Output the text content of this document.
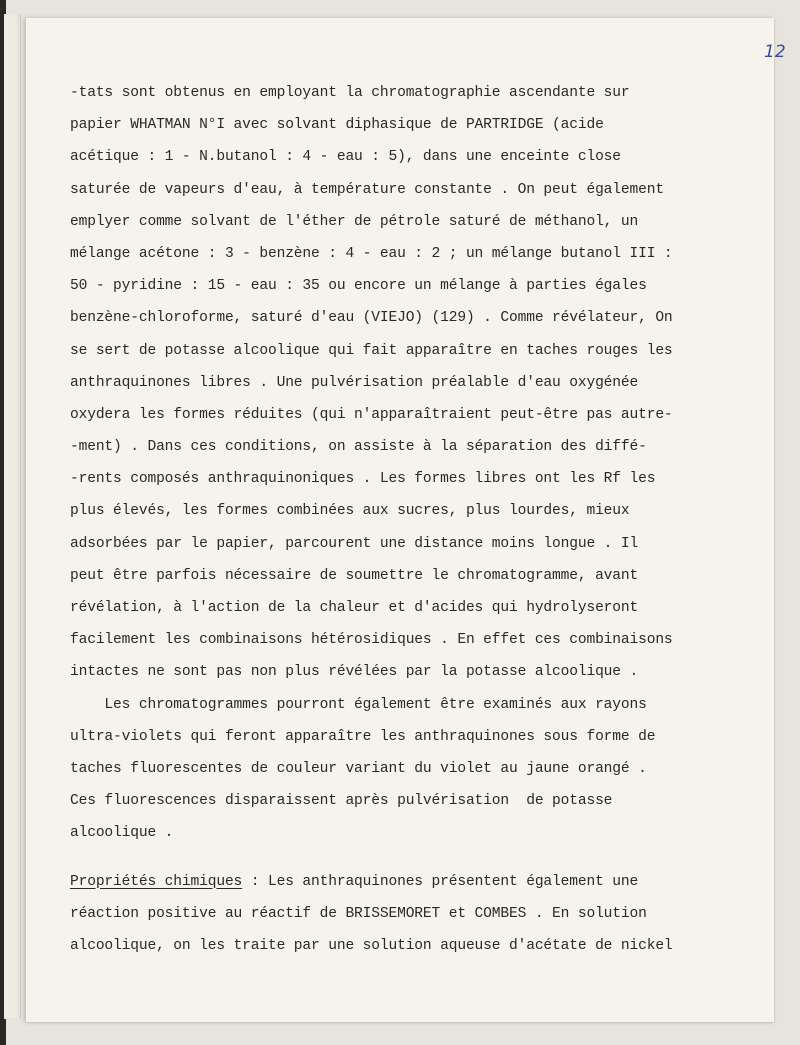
12
-tats sont obtenus en employant la chromatographie ascendante sur
papier WHATMAN N°I avec solvant diphasique de PARTRIDGE (acide
acétique : 1 - N.butanol : 4 - eau : 5), dans une enceinte close
saturée de vapeurs d'eau, à température constante . On peut également
emplyer comme solvant de l'éther de pétrole saturé de méthanol, un
mélange acétone : 3 - benzène : 4 - eau : 2 ; un mélange butanol III :
50 - pyridine : 15 - eau : 35 ou encore un mélange à parties égales
benzène-chloroforme, saturé d'eau (VIEJO) (129) . Comme révélateur, On
se sert de potasse alcoolique qui fait apparaître en taches rouges les
anthraquinones libres . Une pulvérisation préalable d'eau oxygénée
oxydera les formes réduites (qui n'apparaîtraient peut-être pas autre-
-ment) . Dans ces conditions, on assiste à la séparation des diffé-
-rents composés anthraquinoniques . Les formes libres ont les Rf les
plus élevés, les formes combinées aux sucres, plus lourdes, mieux
adsorbées par le papier, parcourent une distance moins longue . Il
peut être parfois nécessaire de soumettre le chromatogramme, avant
révélation, à l'action de la chaleur et d'acides qui hydrolyseront
facilement les combinaisons hétérosidiques . En effet ces combinaisons
intactes ne sont pas non plus révélées par la potasse alcoolique .
Les chromatogrammes pourront également être examinés aux rayons
ultra-violets qui feront apparaître les anthraquinones sous forme de
taches fluorescentes de couleur variant du violet au jaune orangé .
Ces fluorescences disparaissent après pulvérisation  de potasse
alcoolique .
Propriétés chimiques : Les anthraquinones présentent également une
réaction positive au réactif de BRISSEMORET et COMBES . En solution
alcoolique, on les traite par une solution aqueuse d'acétate de nickel
